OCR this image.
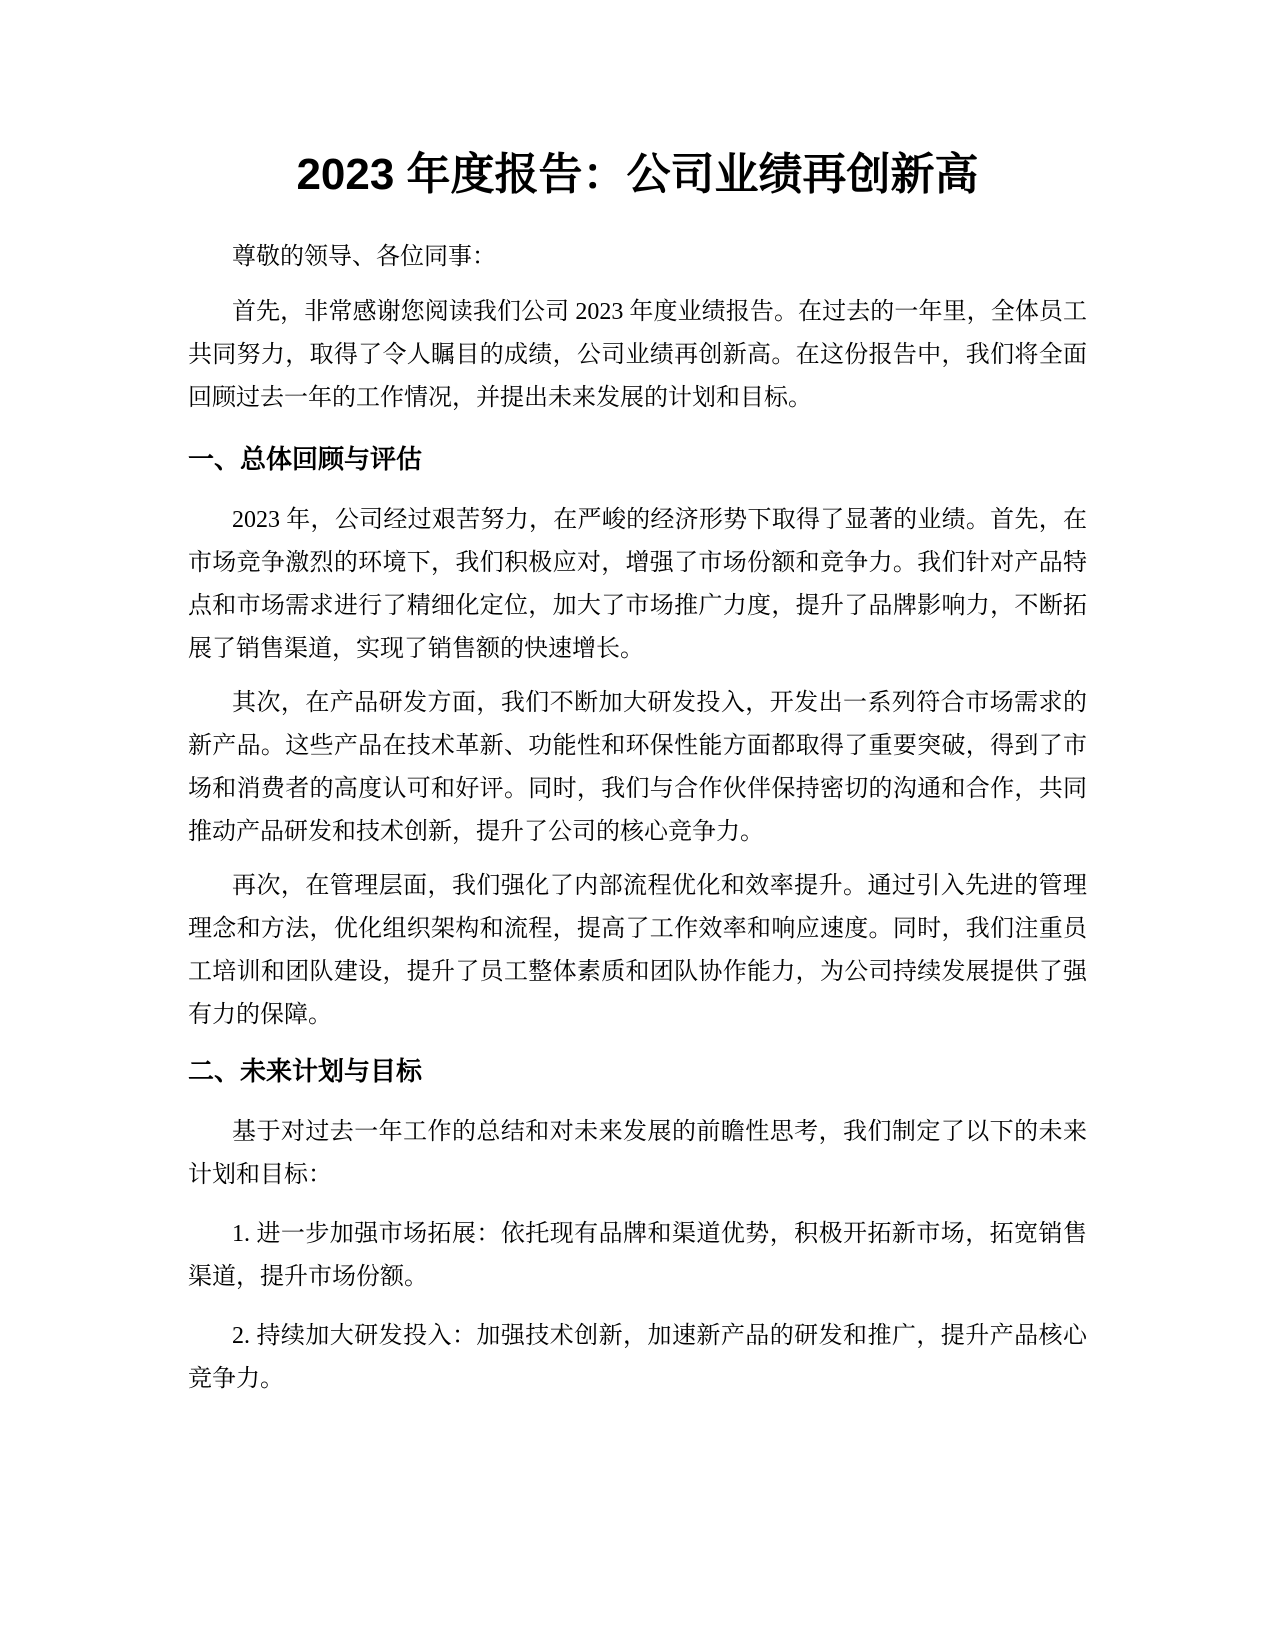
2023 年度报告：公司业绩再创新高

尊敬的领导、各位同事：

首先，非常感谢您阅读我们公司 2023 年度业绩报告。在过去的一年里，全体员工共同努力，取得了令人瞩目的成绩，公司业绩再创新高。在这份报告中，我们将全面回顾过去一年的工作情况，并提出未来发展的计划和目标。

一、总体回顾与评估

2023 年，公司经过艰苦努力，在严峻的经济形势下取得了显著的业绩。首先，在市场竞争激烈的环境下，我们积极应对，增强了市场份额和竞争力。我们针对产品特点和市场需求进行了精细化定位，加大了市场推广力度，提升了品牌影响力，不断拓展了销售渠道，实现了销售额的快速增长。

其次，在产品研发方面，我们不断加大研发投入，开发出一系列符合市场需求的新产品。这些产品在技术革新、功能性和环保性能方面都取得了重要突破，得到了市场和消费者的高度认可和好评。同时，我们与合作伙伴保持密切的沟通和合作，共同推动产品研发和技术创新，提升了公司的核心竞争力。

再次，在管理层面，我们强化了内部流程优化和效率提升。通过引入先进的管理理念和方法，优化组织架构和流程，提高了工作效率和响应速度。同时，我们注重员工培训和团队建设，提升了员工整体素质和团队协作能力，为公司持续发展提供了强有力的保障。

二、未来计划与目标

基于对过去一年工作的总结和对未来发展的前瞻性思考，我们制定了以下的未来计划和目标：

1. 进一步加强市场拓展：依托现有品牌和渠道优势，积极开拓新市场，拓宽销售渠道，提升市场份额。

2. 持续加大研发投入：加强技术创新，加速新产品的研发和推广，提升产品核心竞争力。
